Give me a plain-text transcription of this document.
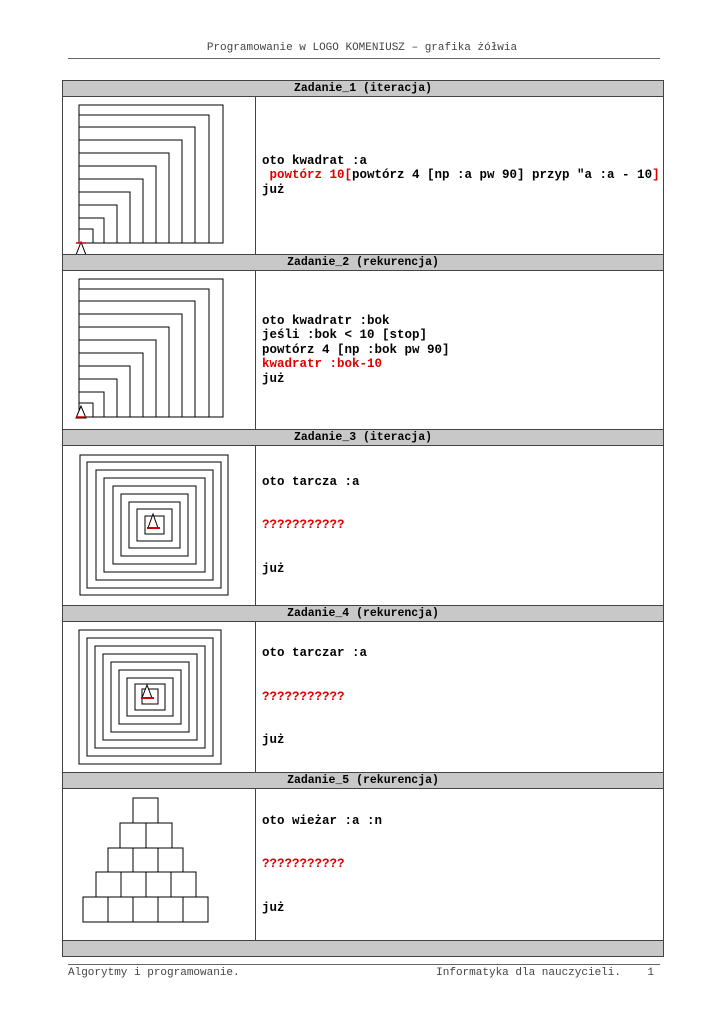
Programowanie w LOGO KOMENIUSZ – grafika żółwia
Zadanie_1 (iteracja)
oto kwadrat :a
powtórz 10[powtórz 4 [np :a pw 90] przyp "a :a - 10]
już
Zadanie_2 (rekurencja)
oto kwadratr :bok
jeśli :bok < 10 [stop]
powtórz 4 [np :bok pw 90]
kwadratr :bok-10
już
Zadanie_3 (iteracja)
oto tarcza :a
???????????
już
Zadanie_4 (rekurencja)
oto tarczar :a
???????????
już
Zadanie_5 (rekurencja)
oto wieżar :a :n
???????????
już
Algorytmy i programowanie.	Informatyka dla nauczycieli. 1
